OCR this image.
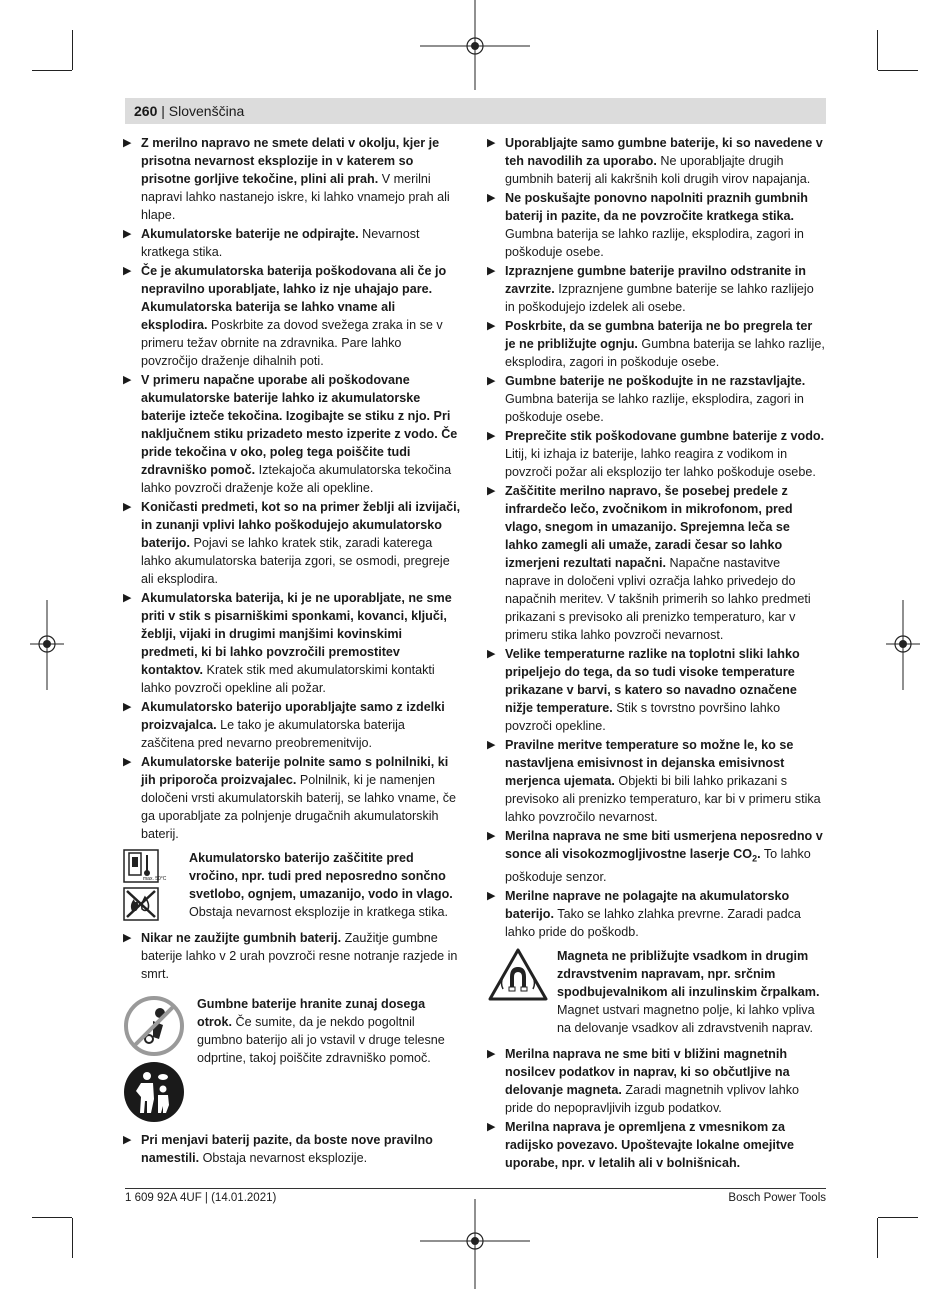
260 | Slovenščina
▶ Z merilno napravo ne smete delati v okolju, kjer je prisotna nevarnost eksplozije in v katerem so prisotne gorljive tekočine, plini ali prah. V merilni napravi lahko nastanejo iskre, ki lahko vnamejo prah ali hlape.
▶ Akumulatorske baterije ne odpirajte. Nevarnost kratkega stika.
▶ Če je akumulatorska baterija poškodovana ali če jo nepravilno uporabljate, lahko iz nje uhajajo pare. Akumulatorska baterija se lahko vname ali eksplodira. Poskrbite za dovod svežega zraka in se v primeru težav obrnite na zdravnika. Pare lahko povzročijo draženje dihalnih poti.
▶ V primeru napačne uporabe ali poškodovane akumulatorske baterije lahko iz akumulatorske baterije izteče tekočina. Izogibajte se stiku z njo. Pri naključnem stiku prizadeto mesto izperite z vodo. Če pride tekočina v oko, poleg tega poiščite tudi zdravniško pomoč. Iztekajoča akumulatorska tekočina lahko povzroči draženje kože ali opekline.
▶ Koničasti predmeti, kot so na primer žeblji ali izvijači, in zunanji vplivi lahko poškodujejo akumulatorsko baterijo. Pojavi se lahko kratek stik, zaradi katerega lahko akumulatorska baterija zgori, se osmodi, pregreje ali eksplodira.
▶ Akumulatorska baterija, ki je ne uporabljate, ne sme priti v stik s pisarniškimi sponkami, kovanci, ključi, žeblji, vijaki in drugimi manjšimi kovinskimi predmeti, ki bi lahko povzročili premostitev kontaktov. Kratek stik med akumulatorskimi kontakti lahko povzroči opekline ali požar.
▶ Akumulatorsko baterijo uporabljajte samo z izdelki proizvajalca. Le tako je akumulatorska baterija zaščitena pred nevarno preobremenitvijo.
▶ Akumulatorske baterije polnite samo s polnilniki, ki jih priporoča proizvajalec. Polnilnik, ki je namenjen določeni vrsti akumulatorskih baterij, se lahko vname, če ga uporabljate za polnjenje drugačnih akumulatorskih baterij.
max. 50°C
Akumulatorsko baterijo zaščitite pred vročino, npr. tudi pred neposredno sončno svetlobo, ognjem, umazanijo, vodo in vlago. Obstaja nevarnost eksplozije in kratkega stika.
▶ Nikar ne zaužijte gumbnih baterij. Zaužitje gumbne baterije lahko v 2 urah povzroči resne notranje razjede in smrt.
Gumbne baterije hranite zunaj dosega otrok. Če sumite, da je nekdo pogoltnil gumbno baterijo ali jo vstavil v druge telesne odprtine, takoj poiščite zdravniško pomoč.
▶ Pri menjavi baterij pazite, da boste nove pravilno namestili. Obstaja nevarnost eksplozije.
▶ Uporabljajte samo gumbne baterije, ki so navedene v teh navodilih za uporabo. Ne uporabljajte drugih gumbnih baterij ali kakršnih koli drugih virov napajanja.
▶ Ne poskušajte ponovno napolniti praznih gumbnih baterij in pazite, da ne povzročite kratkega stika. Gumbna baterija se lahko razlije, eksplodira, zagori in poškoduje osebe.
▶ Izpraznjene gumbne baterije pravilno odstranite in zavrzite. Izpraznjene gumbne baterije se lahko razlijejo in poškodujejo izdelek ali osebe.
▶ Poskrbite, da se gumbna baterija ne bo pregrela ter je ne približujte ognju. Gumbna baterija se lahko razlije, eksplodira, zagori in poškoduje osebe.
▶ Gumbne baterije ne poškodujte in ne razstavljajte. Gumbna baterija se lahko razlije, eksplodira, zagori in poškoduje osebe.
▶ Preprečite stik poškodovane gumbne baterije z vodo. Litij, ki izhaja iz baterije, lahko reagira z vodikom in povzroči požar ali eksplozijo ter lahko poškoduje osebe.
▶ Zaščitite merilno napravo, še posebej predele z infrardečo lečo, zvočnikom in mikrofonom, pred vlago, snegom in umazanijo. Sprejemna leča se lahko zamegli ali umaže, zaradi česar so lahko izmerjeni rezultati napačni. Napačne nastavitve naprave in določeni vplivi ozračja lahko privedejo do napačnih meritev. V takšnih primerih so lahko predmeti prikazani s previsoko ali prenizko temperaturo, kar v primeru stika lahko povzroči nevarnost.
▶ Velike temperaturne razlike na toplotni sliki lahko pripeljejo do tega, da so tudi visoke temperature prikazane v barvi, s katero so navadno označene nižje temperature. Stik s tovrstno površino lahko povzroči opekline.
▶ Pravilne meritve temperature so možne le, ko se nastavljena emisivnost in dejanska emisivnost merjenca ujemata. Objekti bi bili lahko prikazani s previsoko ali prenizko temperaturo, kar bi v primeru stika lahko povzročilo nevarnost.
▶ Merilna naprava ne sme biti usmerjena neposredno v sonce ali visokozmogljivostne laserje $CO_2$. To lahko poškoduje senzor.
▶ Merilne naprave ne polagajte na akumulatorsko baterijo. Tako se lahko zlahka prevrne. Zaradi padca lahko pride do poškodb.
Magneta ne približujte vsadkom in drugim zdravstvenim napravam, npr. srčnim spodbujevalnikom ali inzulinskim črpalkam. Magnet ustvari magnetno polje, ki lahko vpliva na delovanje vsadkov ali zdravstvenih naprav.
▶ Merilna naprava ne sme biti v bližini magnetnih nosilcev podatkov in naprav, ki so občutljive na delovanje magneta. Zaradi magnetnih vplivov lahko pride do nepopravljivih izgub podatkov.
▶ Merilna naprava je opremljena z vmesnikom za radijsko povezavo. Upoštevajte lokalne omejitve uporabe, npr. v letalih ali v bolnišnicah.
1 609 92A 4UF | (14.01.2021)	Bosch Power Tools
